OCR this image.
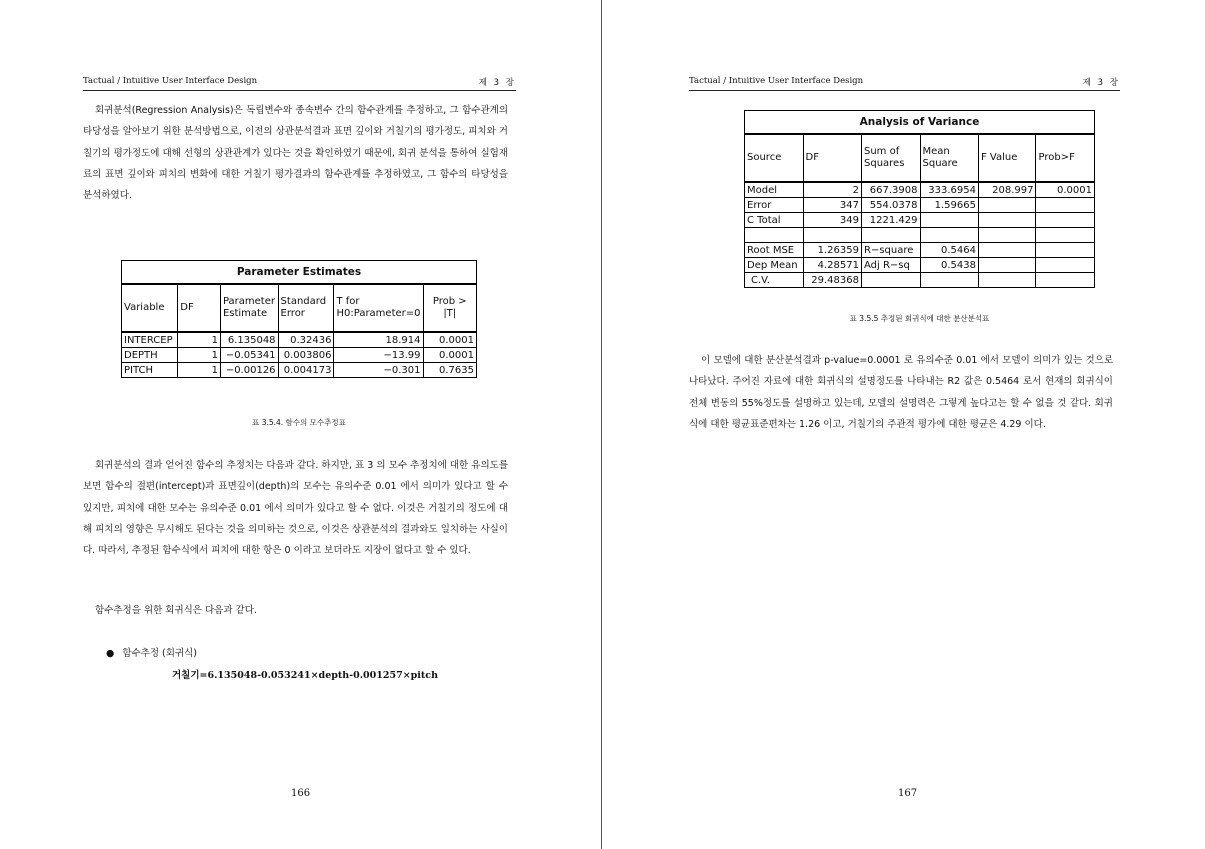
Tactual / Intuitive User Interface Design	제 3 장

회귀분석(Regression Analysis)은 독립변수와 종속변수 간의 함수관계를 추정하고, 그 함수관계의 타당성을 알아보기 위한 분석방법으로, 이전의 상관분석결과 표면 깊이와 거칠기의 평가정도, 피치와 거칠기의 평가정도에 대해 선형의 상관관계가 있다는 것을 확인하였기 때문에, 회귀 분석을 통하여 실험재료의 표면 깊이와 피치의 변화에 대한 거칠기 평가결과의 함수관계를 추정하였고, 그 함수의 타당성을 분석하였다.

Parameter Estimates					
Variable	DF	Parameter Estimate	Standard Error	T for H0:Parameter=0	Prob > |T|
INTERCEP	1	6.135048	0.32436	18.914	0.0001
DEPTH	1	−0.05341	0.003806	−13.99	0.0001
PITCH	1	−0.00126	0.004173	−0.301	0.7635
표 3.5.4. 함수의 모수추정표

회귀분석의 결과 얻어진 함수의 추정치는 다음과 같다. 하지만, 표 3 의 모수 추정치에 대한 유의도를 보면 함수의 절편(intercept)과 표면깊이(depth)의 모수는 유의수준 0.01 에서 의미가 있다고 할 수 있지만, 피치에 대한 모수는 유의수준 0.01 에서 의미가 있다고 할 수 없다. 이것은 거칠기의 정도에 대해 피치의 영향은 무시해도 된다는 것을 의미하는 것으로, 이것은 상관분석의 결과와도 일치하는 사실이다. 따라서, 추정된 함수식에서 피치에 대한 항은 0 이라고 보더라도 지장이 없다고 할 수 있다.

함수추정을 위한 회귀식은 다음과 같다.

● 함수추정 (회귀식)
거칠기=6.135048-0.053241×depth-0.001257×pitch
166
Tactual / Intuitive User Interface Design	제 3 장
Analysis of Variance					
Source	DF	Sum of Squares	Mean Square	F Value	Prob>F
Model	2	667.3908	333.6954	208.997	0.0001
Error	347	554.0378	1.59665		
C Total	349	1221.429			

Root MSE	1.26359	R−square	0.5464		
Dep Mean	4.28571	Adj R−sq	0.5438		
C.V.	29.48368				
표 3.5.5 추정된 회귀식에 대한 분산분석표

이 모델에 대한 분산분석결과 p-value=0.0001 로 유의수준 0.01 에서 모델이 의미가 있는 것으로 나타났다. 주어진 자료에 대한 회귀식의 설명정도를 나타내는 R2 값은 0.5464 로서 현재의 회귀식이 전체 변동의 55%정도를 설명하고 있는데, 모델의 설명력은 그렇게 높다고는 할 수 없을 것 같다. 회귀식에 대한 평균표준편차는 1.26 이고, 거칠기의 주관적 평가에 대한 평균은 4.29 이다.

167
